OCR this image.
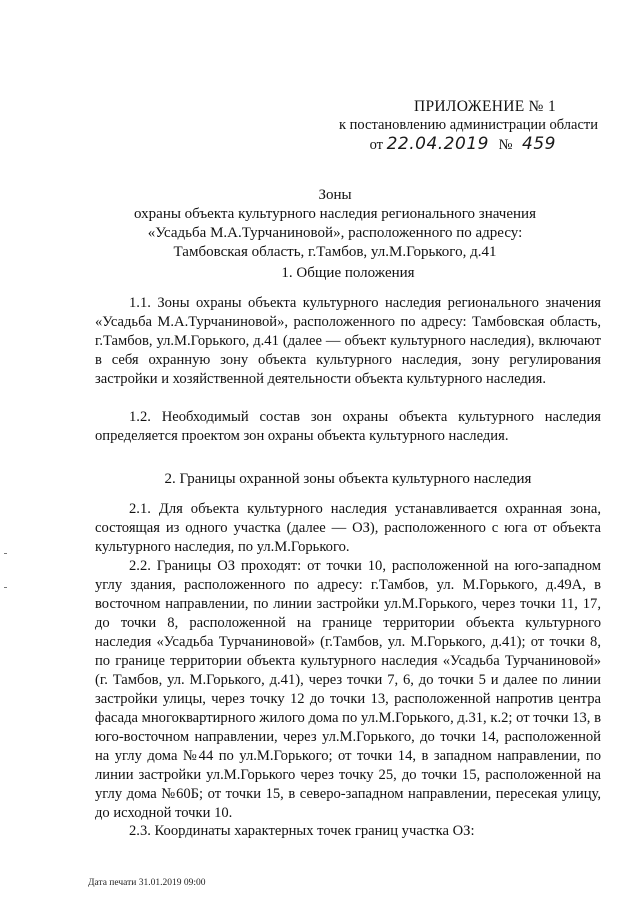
ПРИЛОЖЕНИЕ № 1
к постановлению администрации области
от 22.04.2019 № 459
Зоны
охраны объекта культурного наследия регионального значения
«Усадьба М.А.Турчаниновой», расположенного по адресу:
Тамбовская область, г.Тамбов, ул.М.Горького, д.41
1. Общие положения

1.1. Зоны охраны объекта культурного наследия регионального значения «Усадьба М.А.Турчаниновой», расположенного по адресу: Тамбовская область, г.Тамбов, ул.М.Горького, д.41 (далее — объект культурного наследия), включают в себя охранную зону объекта культурного наследия, зону регулирования застройки и хозяйственной деятельности объекта культурного наследия.

1.2. Необходимый состав зон охраны объекта культурного наследия определяется проектом зон охраны объекта культурного наследия.

2. Границы охранной зоны объекта культурного наследия

2.1. Для объекта культурного наследия устанавливается охранная зона, состоящая из одного участка (далее — ОЗ), расположенного с юга от объекта культурного наследия, по ул.М.Горького.

2.2. Границы ОЗ проходят: от точки 10, расположенной на юго-западном углу здания, расположенного по адресу: г.Тамбов, ул. М.Горького, д.49А, в восточном направлении, по линии застройки ул.М.Горького, через точки 11, 17, до точки 8, расположенной на границе территории объекта культурного наследия «Усадьба Турчаниновой» (г.Тамбов, ул. М.Горького, д.41); от точки 8, по границе территории объекта культурного наследия «Усадьба Турчаниновой» (г. Тамбов, ул. М.Горького, д.41), через точки 7, 6, до точки 5 и далее по линии застройки улицы, через точку 12 до точки 13, расположенной напротив центра фасада многоквартирного жилого дома по ул.М.Горького, д.31, к.2; от точки 13, в юго-восточном направлении, через ул.М.Горького, до точки 14, расположенной на углу дома №44 по ул.М.Горького; от точки 14, в западном направлении, по линии застройки ул.М.Горького через точку 25, до точки 15, расположенной на углу дома №60Б; от точки 15, в северо-западном направлении, пересекая улицу, до исходной точки 10.

2.3. Координаты характерных точек границ участка ОЗ:

Дата печати 31.01.2019 09:00
